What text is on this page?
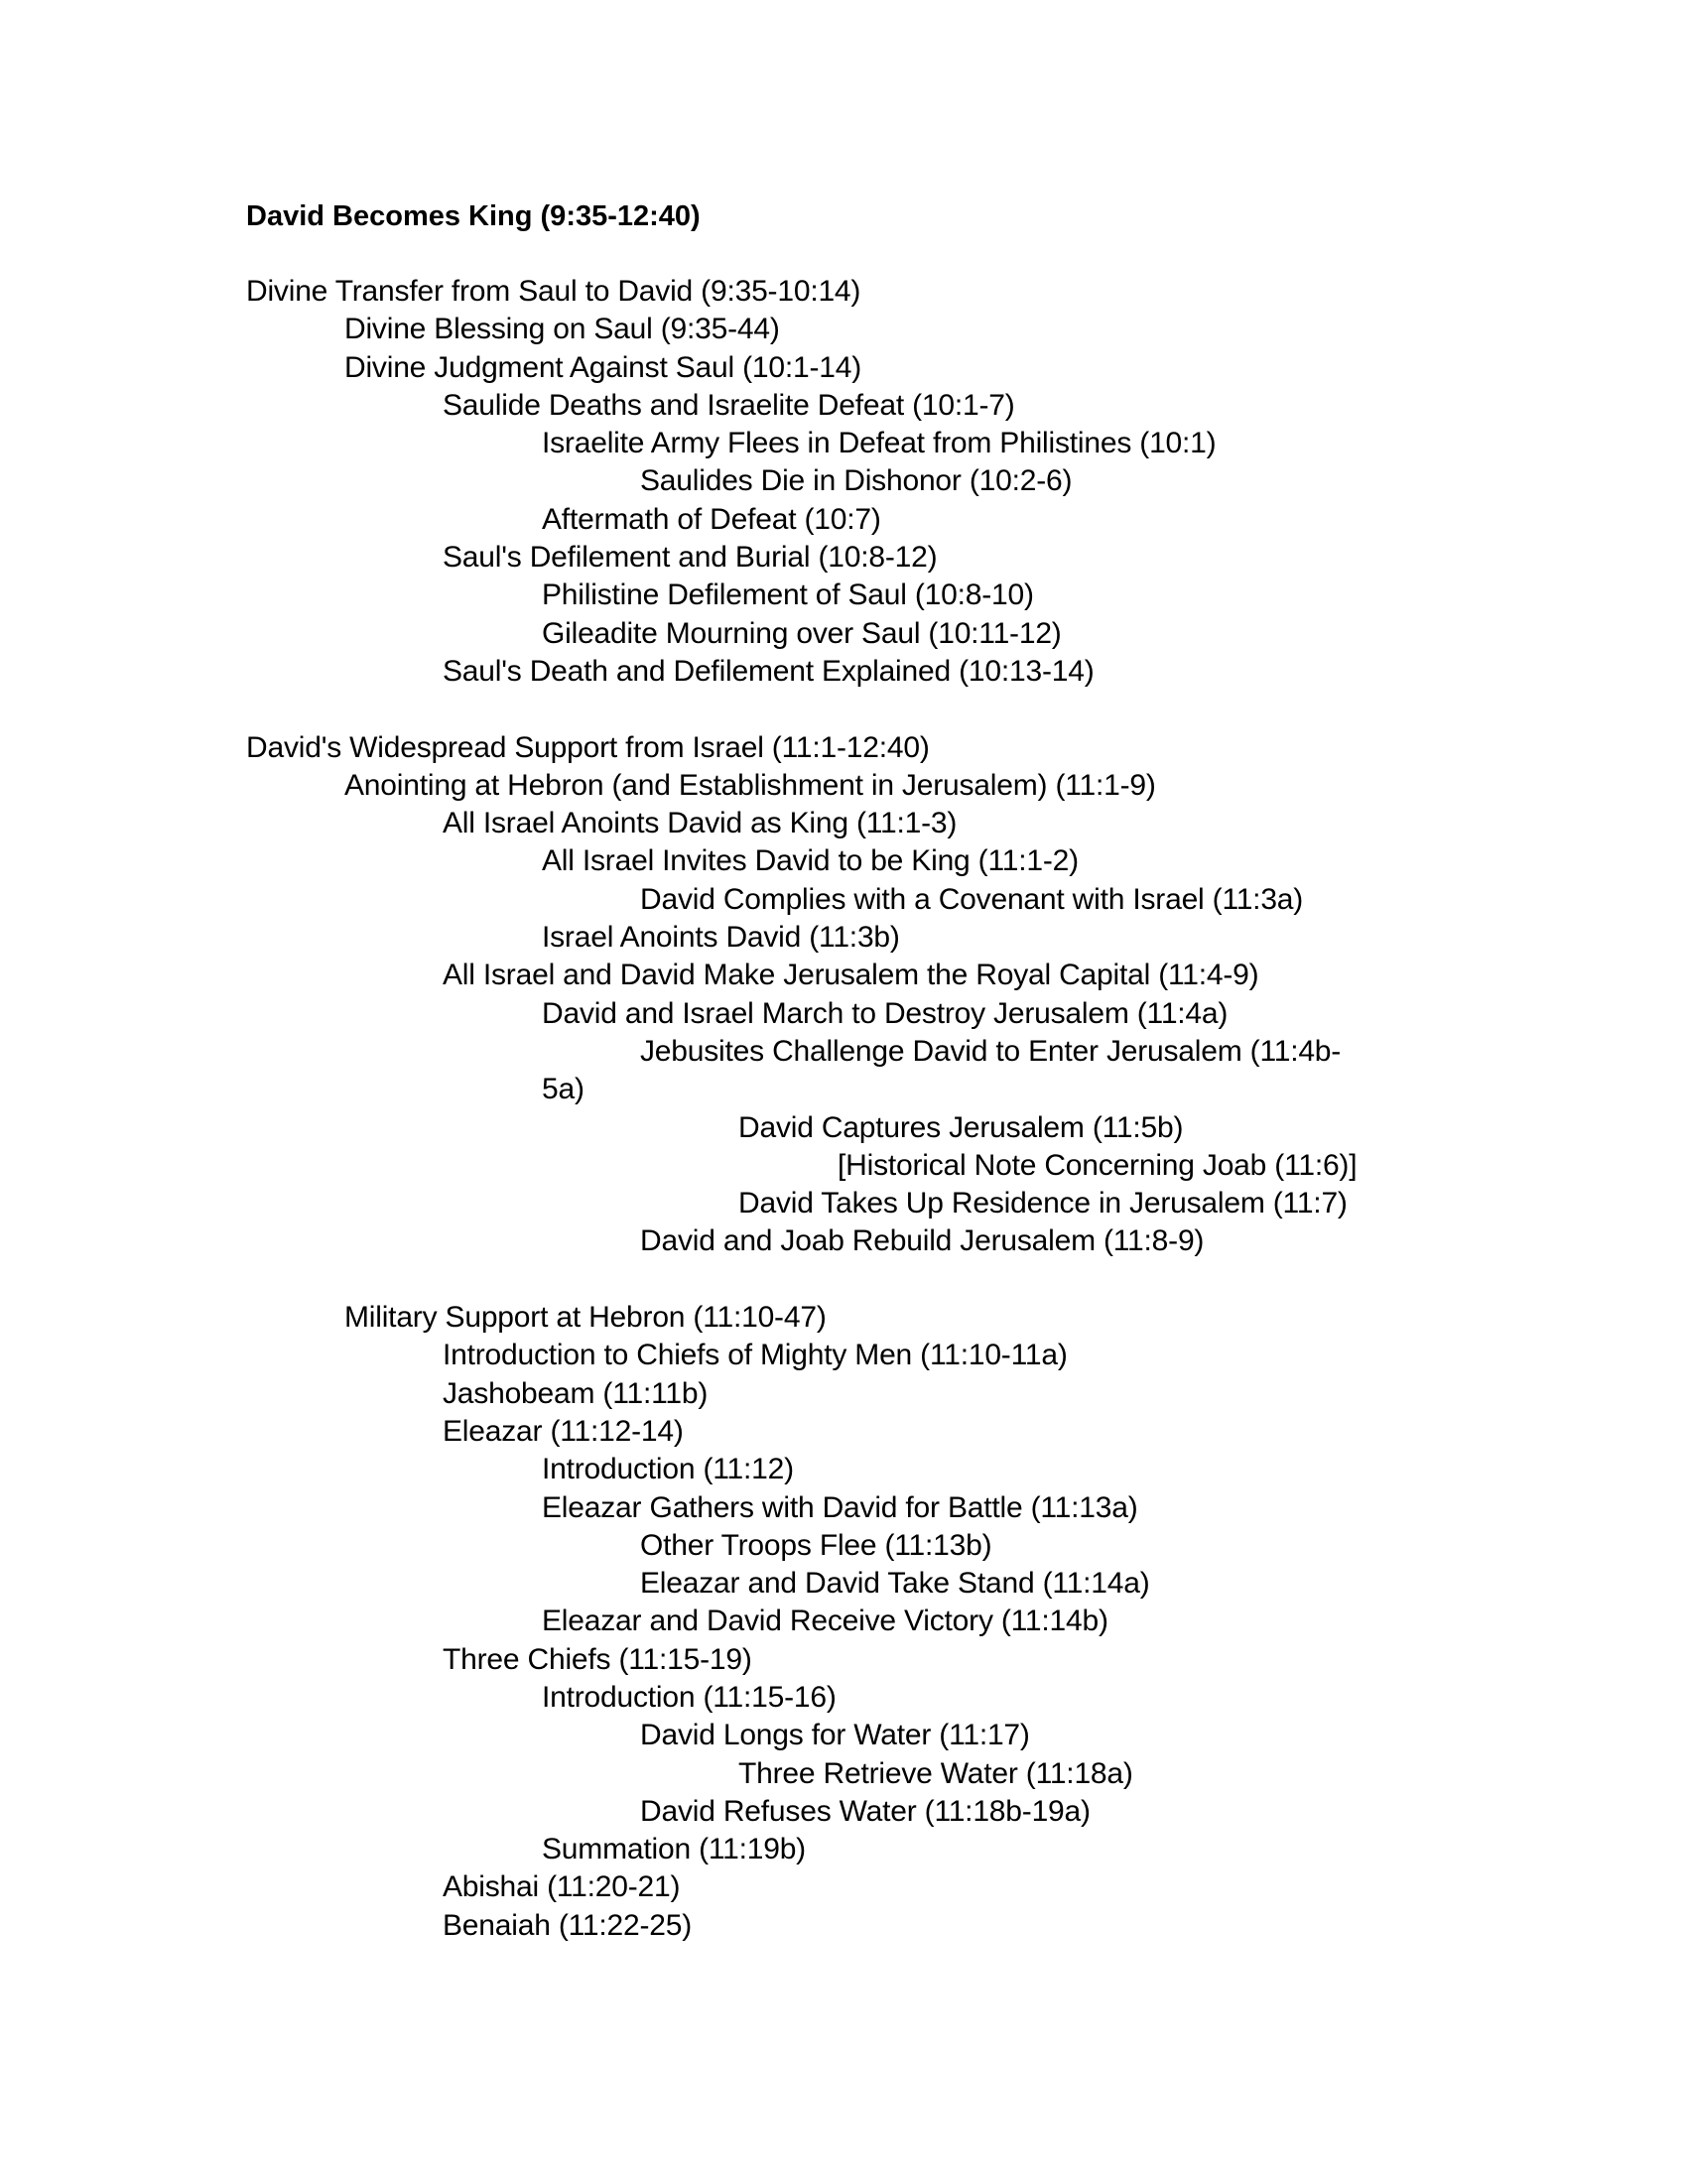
David Becomes King (9:35-12:40)
Divine Transfer from Saul to David (9:35-10:14)
Divine Blessing on Saul (9:35-44)
Divine Judgment Against Saul (10:1-14)
Saulide Deaths and Israelite Defeat (10:1-7)
Israelite Army Flees in Defeat from Philistines (10:1)
Saulides Die in Dishonor (10:2-6)
Aftermath of Defeat (10:7)
Saul's Defilement and Burial (10:8-12)
Philistine Defilement of Saul (10:8-10)
Gileadite Mourning over Saul (10:11-12)
Saul's Death and Defilement Explained (10:13-14)
David's Widespread Support from Israel (11:1-12:40)
Anointing at Hebron (and Establishment in Jerusalem) (11:1-9)
All Israel Anoints David as King (11:1-3)
All Israel Invites David to be King (11:1-2)
David Complies with a Covenant with Israel (11:3a)
Israel Anoints David (11:3b)
All Israel and David Make Jerusalem the Royal Capital (11:4-9)
David and Israel March to Destroy Jerusalem (11:4a)
Jebusites Challenge David to Enter Jerusalem (11:4b-
5a)
David Captures Jerusalem (11:5b)
[Historical Note Concerning Joab (11:6)]
David Takes Up Residence in Jerusalem (11:7)
David and Joab Rebuild Jerusalem (11:8-9)
Military Support at Hebron (11:10-47)
Introduction to Chiefs of Mighty Men (11:10-11a)
Jashobeam (11:11b)
Eleazar (11:12-14)
Introduction (11:12)
Eleazar Gathers with David for Battle (11:13a)
Other Troops Flee (11:13b)
Eleazar and David Take Stand (11:14a)
Eleazar and David Receive Victory (11:14b)
Three Chiefs (11:15-19)
Introduction (11:15-16)
David Longs for Water (11:17)
Three Retrieve Water (11:18a)
David Refuses Water (11:18b-19a)
Summation (11:19b)
Abishai (11:20-21)
Benaiah (11:22-25)
